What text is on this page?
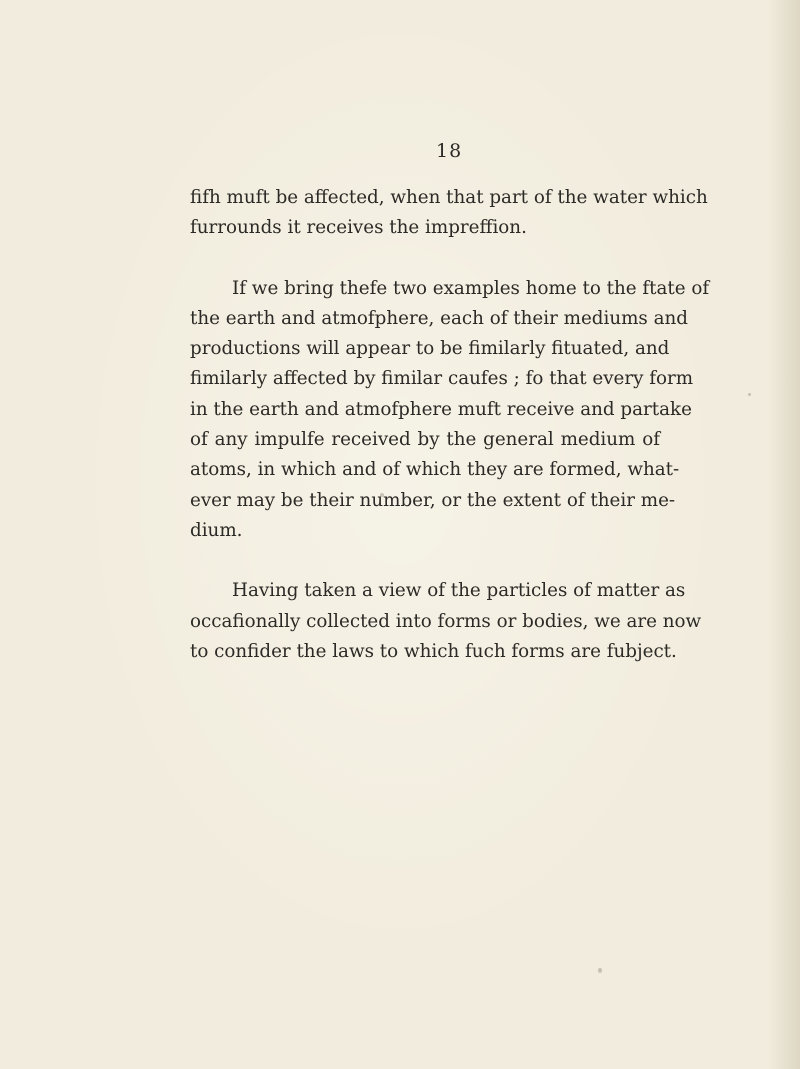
18
fifh muft be affected, when that part of the water which
furrounds it receives the impreffion.
If we bring thefe two examples home to the ftate of
the earth and atmofphere, each of their mediums and
productions will appear to be fimilarly fituated, and
fimilarly affected by fimilar caufes ; fo that every form
in the earth and atmofphere muft receive and partake
of any impulfe received by the general medium of
atoms, in which and of which they are formed, what-
ever may be their number, or the extent of their me-
dium.
Having taken a view of the particles of matter as
occafionally collected into forms or bodies, we are now
to confider the laws to which fuch forms are fubject.
